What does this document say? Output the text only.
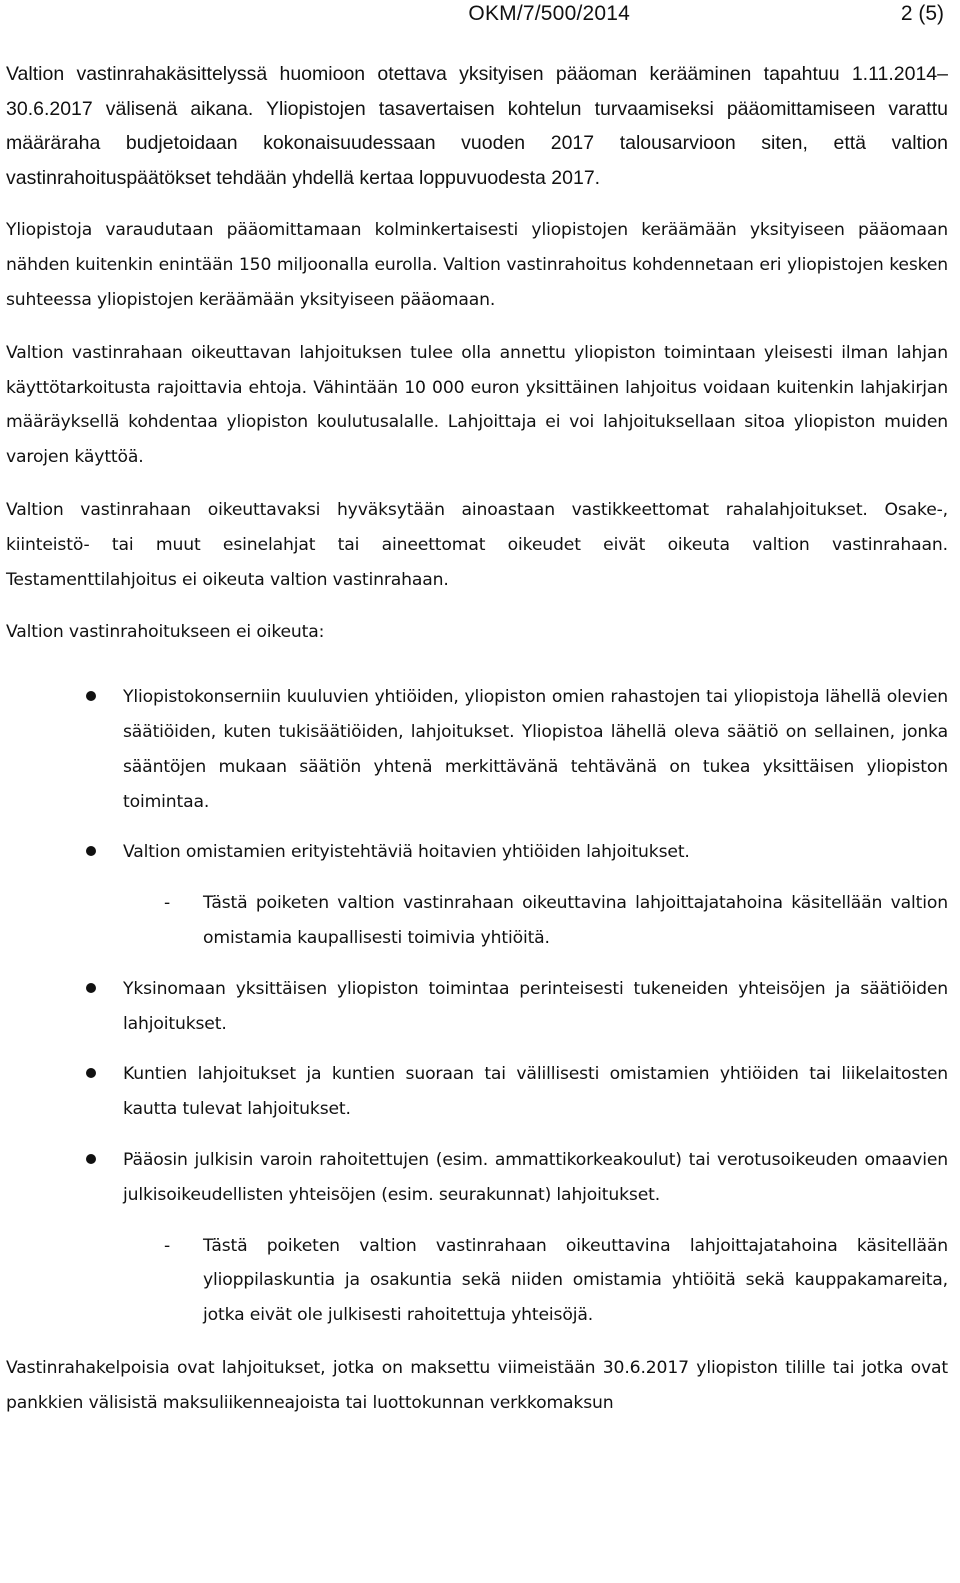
OKM/7/500/2014	2 (5)

Valtion vastinrahakäsittelyssä huomioon otettava yksityisen pääoman kerääminen tapahtuu 1.11.2014–30.6.2017 välisenä aikana. Yliopistojen tasavertaisen kohtelun turvaamiseksi pääomittamiseen varattu määräraha budjetoidaan kokonaisuudessaan vuoden 2017 talousarvioon siten, että valtion vastinrahoituspäätökset tehdään yhdellä kertaa loppuvuodesta 2017.

Yliopistoja varaudutaan pääomittamaan kolminkertaisesti yliopistojen keräämään yksityiseen pääomaan nähden kuitenkin enintään 150 miljoonalla eurolla. Valtion vastinrahoitus kohdennetaan eri yliopistojen kesken suhteessa yliopistojen keräämään yksityiseen pääomaan.

Valtion vastinrahaan oikeuttavan lahjoituksen tulee olla annettu yliopiston toimintaan yleisesti ilman lahjan käyttötarkoitusta rajoittavia ehtoja. Vähintään 10 000 euron yksittäinen lahjoitus voidaan kuitenkin lahjakirjan määräyksellä kohdentaa yliopiston koulutusalalle. Lahjoittaja ei voi lahjoituksellaan sitoa yliopiston muiden varojen käyttöä.

Valtion vastinrahaan oikeuttavaksi hyväksytään ainoastaan vastikkeettomat rahalahjoitukset. Osake-, kiinteistö- tai muut esinelahjat tai aineettomat oikeudet eivät oikeuta valtion vastinrahaan. Testamenttilahjoitus ei oikeuta valtion vastinrahaan.

Valtion vastinrahoitukseen ei oikeuta:

Yliopistokonserniin kuuluvien yhtiöiden, yliopiston omien rahastojen tai yliopistoja lähellä olevien säätiöiden, kuten tukisäätiöiden, lahjoitukset. Yliopistoa lähellä oleva säätiö on sellainen, jonka sääntöjen mukaan säätiön yhtenä merkittävänä tehtävänä on tukea yksittäisen yliopiston toimintaa.
Valtion omistamien erityistehtäviä hoitavien yhtiöiden lahjoitukset.
- Tästä poiketen valtion vastinrahaan oikeuttavina lahjoittajatahoina käsitellään valtion omistamia kaupallisesti toimivia yhtiöitä.
Yksinomaan yksittäisen yliopiston toimintaa perinteisesti tukeneiden yhteisöjen ja säätiöiden lahjoitukset.
Kuntien lahjoitukset ja kuntien suoraan tai välillisesti omistamien yhtiöiden tai liikelaitosten kautta tulevat lahjoitukset.
Pääosin julkisin varoin rahoitettujen (esim. ammattikorkeakoulut) tai verotusoikeuden omaavien julkisoikeudellisten yhteisöjen (esim. seurakunnat) lahjoitukset.
- Tästä poiketen valtion vastinrahaan oikeuttavina lahjoittajatahoina käsitellään ylioppilaskuntia ja osakuntia sekä niiden omistamia yhtiöitä sekä kauppakamareita, jotka eivät ole julkisesti rahoitettuja yhteisöjä.

Vastinrahakelpoisia ovat lahjoitukset, jotka on maksettu viimeistään 30.6.2017 yliopiston tilille tai jotka ovat pankkien välisistä maksuliikenneajoista tai luottokunnan verkkomaksun
